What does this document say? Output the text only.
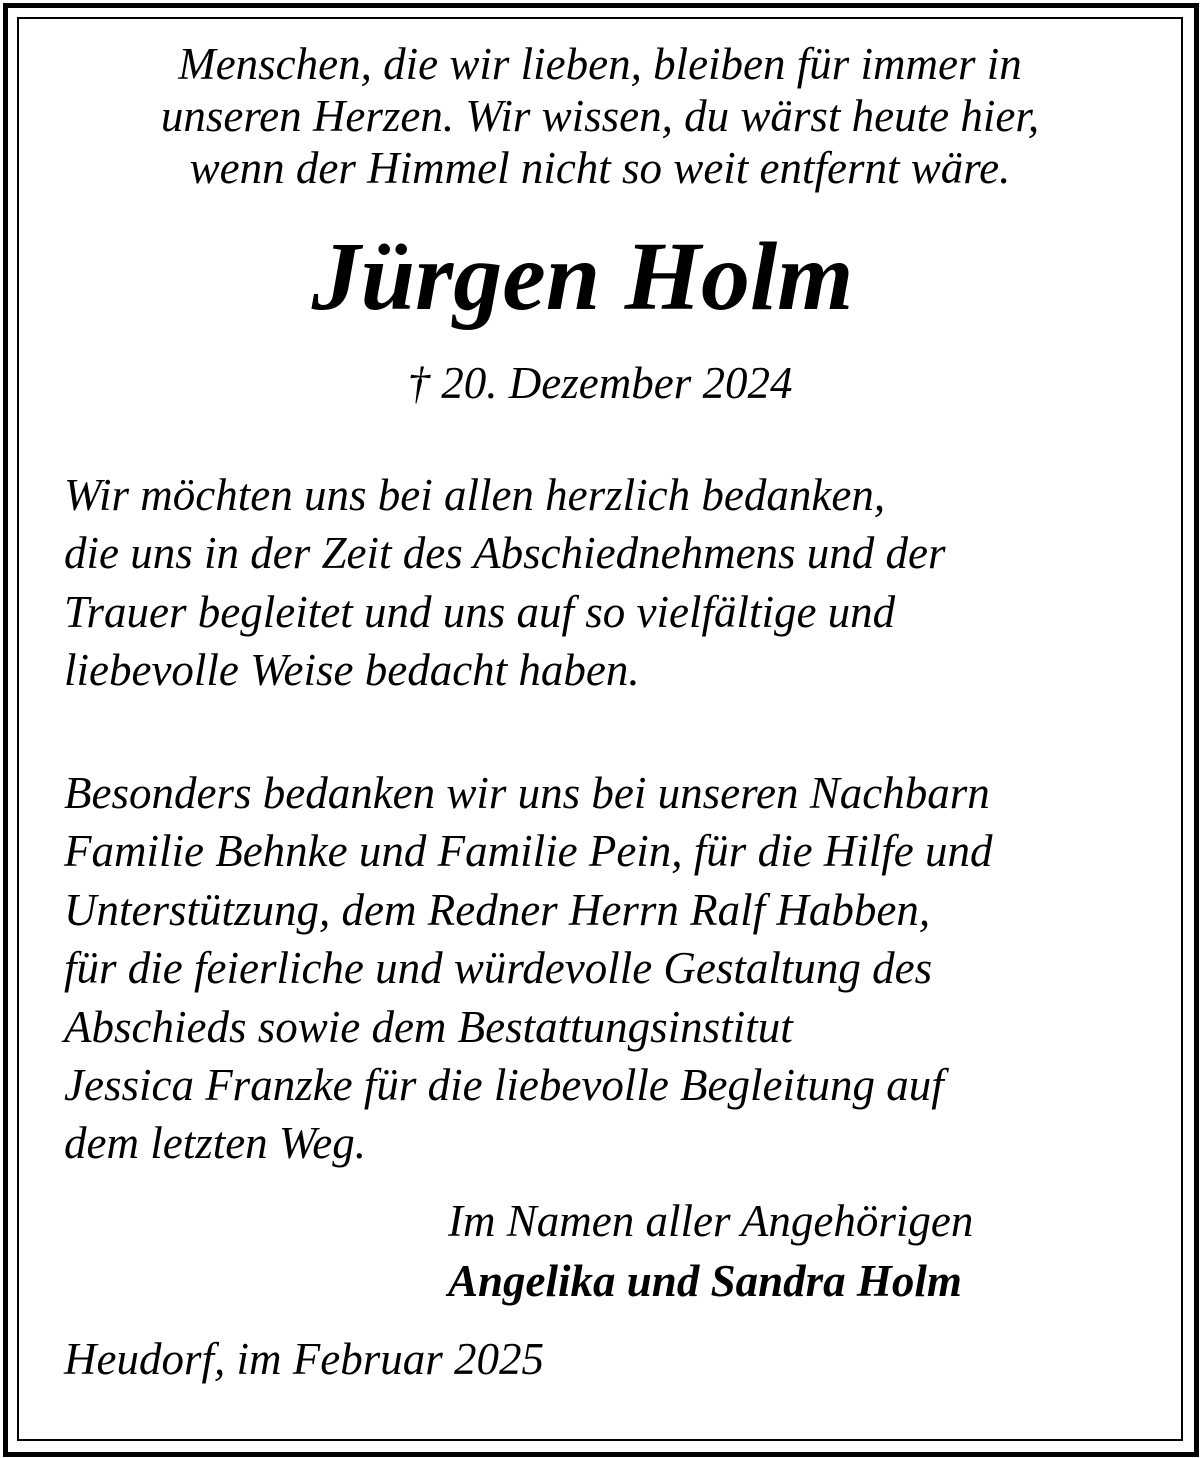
Menschen, die wir lieben, bleiben für immer in
unseren Herzen. Wir wissen, du wärst heute hier,
wenn der Himmel nicht so weit entfernt wäre.
Jürgen Holm
† 20. Dezember 2024
Wir möchten uns bei allen herzlich bedanken,
die uns in der Zeit des Abschiednehmens und der
Trauer begleitet und uns auf so vielfältige und
liebevolle Weise bedacht haben.
Besonders bedanken wir uns bei unseren Nachbarn
Familie Behnke und Familie Pein, für die Hilfe und
Unterstützung, dem Redner Herrn Ralf Habben,
für die feierliche und würdevolle Gestaltung des
Abschieds sowie dem Bestattungsinstitut
Jessica Franzke für die liebevolle Begleitung auf
dem letzten Weg.
Im Namen aller Angehörigen
Angelika und Sandra Holm
Heudorf, im Februar 2025
